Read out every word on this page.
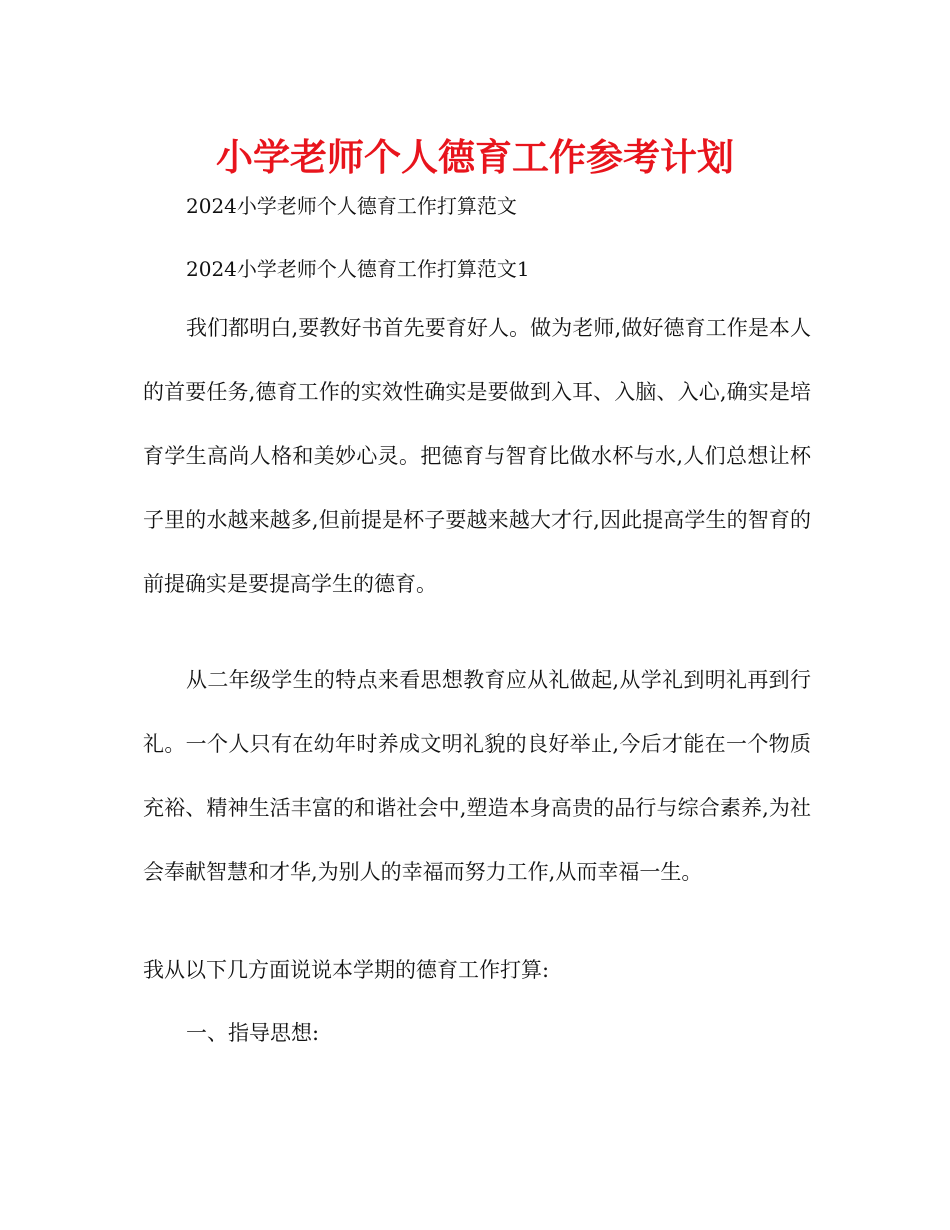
小学老师个人德育工作参考计划

2024小学老师个人德育工作打算范文

2024小学老师个人德育工作打算范文1

我们都明白,要教好书首先要育好人。做为老师,做好德育工作是本人的首要任务,德育工作的实效性确实是要做到入耳、入脑、入心,确实是培育学生高尚人格和美妙心灵。把德育与智育比做水杯与水,人们总想让杯子里的水越来越多,但前提是杯子要越来越大才行,因此提高学生的智育的前提确实是要提高学生的德育。

从二年级学生的特点来看思想教育应从礼做起,从学礼到明礼再到行礼。一个人只有在幼年时养成文明礼貌的良好举止,今后才能在一个物质充裕、精神生活丰富的和谐社会中,塑造本身高贵的品行与综合素养,为社会奉献智慧和才华,为别人的幸福而努力工作,从而幸福一生。

我从以下几方面说说本学期的德育工作打算:

一、指导思想:
